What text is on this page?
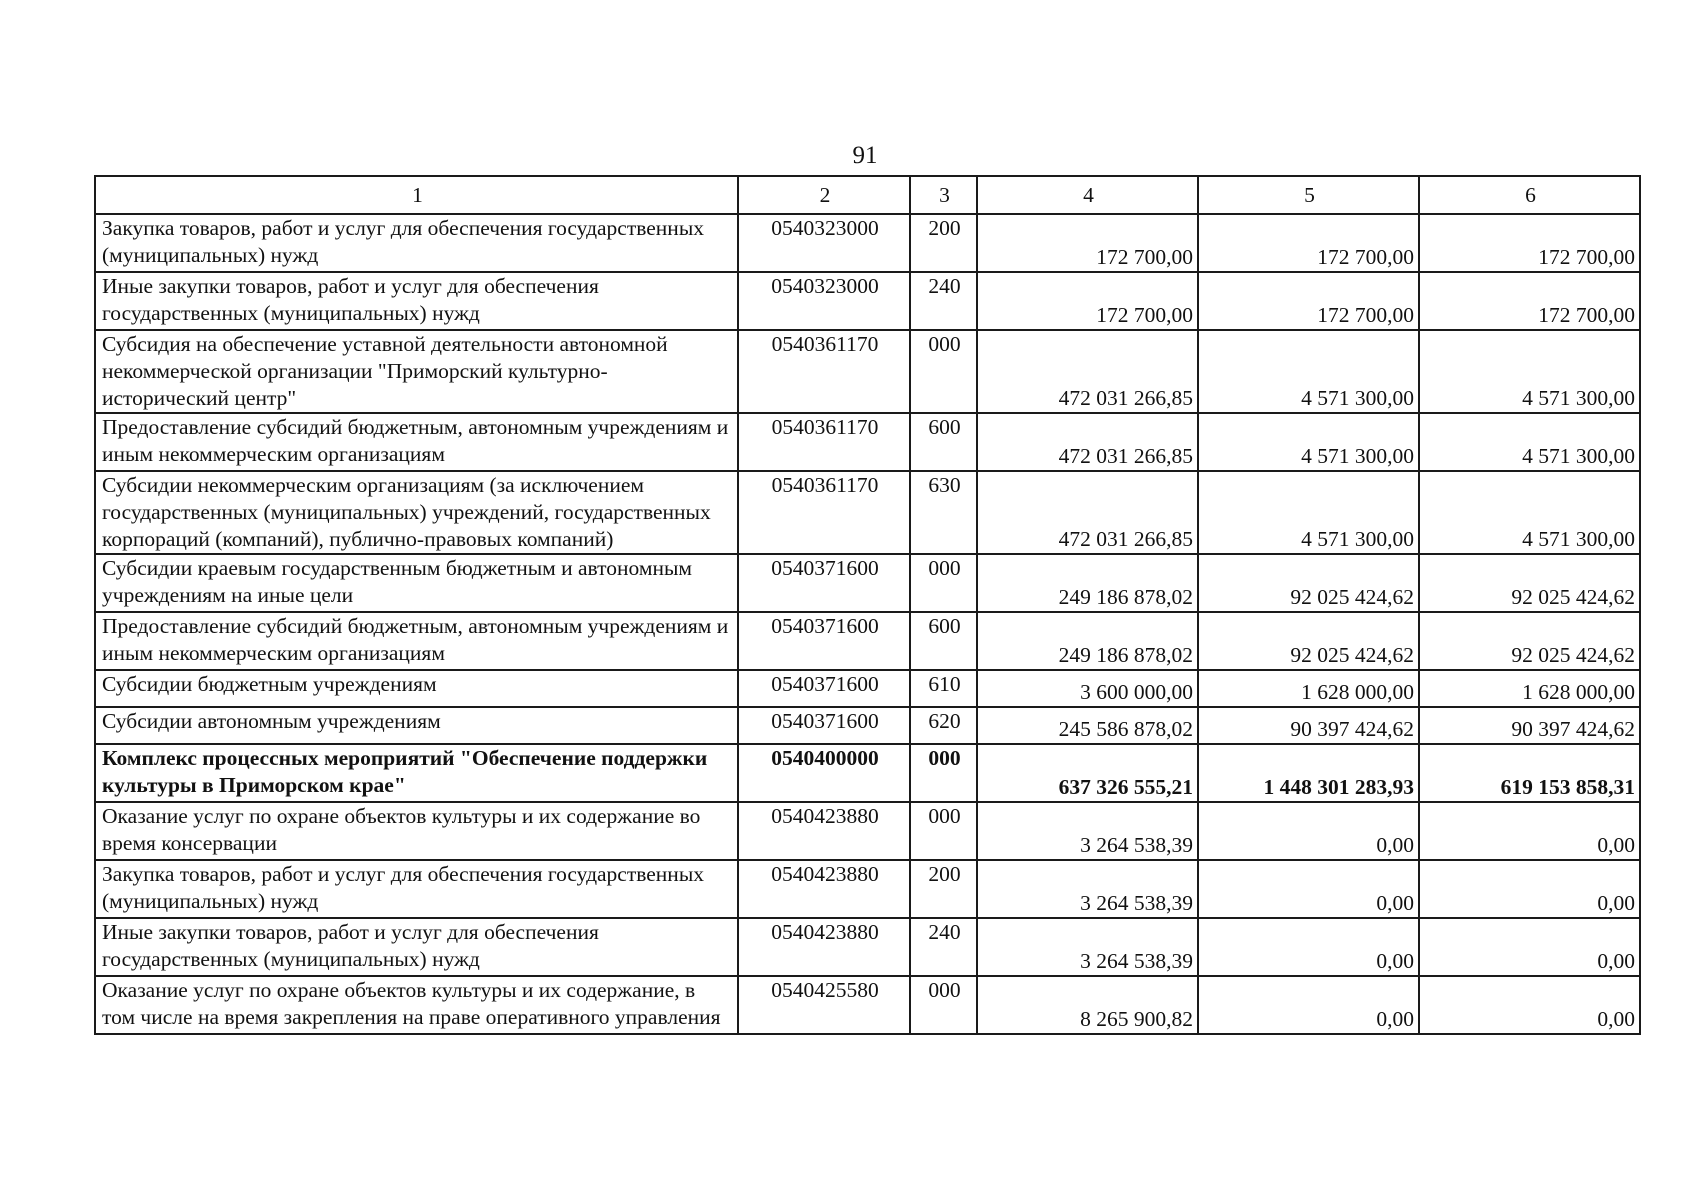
91
1	2	3	4	5	6
Закупка товаров, работ и услуг для обеспечения государственных (муниципальных) нужд	0540323000	200	172 700,00	172 700,00	172 700,00
Иные закупки товаров, работ и услуг для обеспечения государственных (муниципальных) нужд	0540323000	240	172 700,00	172 700,00	172 700,00
Субсидия на обеспечение уставной деятельности автономной некоммерческой организации "Приморский культурно-исторический центр"	0540361170	000	472 031 266,85	4 571 300,00	4 571 300,00
Предоставление субсидий бюджетным, автономным учреждениям и иным некоммерческим организациям	0540361170	600	472 031 266,85	4 571 300,00	4 571 300,00
Субсидии некоммерческим организациям (за исключением государственных (муниципальных) учреждений, государственных корпораций (компаний), публично-правовых компаний)	0540361170	630	472 031 266,85	4 571 300,00	4 571 300,00
Субсидии краевым государственным бюджетным и автономным учреждениям на иные цели	0540371600	000	249 186 878,02	92 025 424,62	92 025 424,62
Предоставление субсидий бюджетным, автономным учреждениям и иным некоммерческим организациям	0540371600	600	249 186 878,02	92 025 424,62	92 025 424,62
Субсидии бюджетным учреждениям	0540371600	610	3 600 000,00	1 628 000,00	1 628 000,00
Субсидии автономным учреждениям	0540371600	620	245 586 878,02	90 397 424,62	90 397 424,62
Комплекс процессных мероприятий "Обеспечение поддержки культуры в Приморском крае"	0540400000	000	637 326 555,21	1 448 301 283,93	619 153 858,31
Оказание услуг по охране объектов культуры и их содержание во время консервации	0540423880	000	3 264 538,39	0,00	0,00
Закупка товаров, работ и услуг для обеспечения государственных (муниципальных) нужд	0540423880	200	3 264 538,39	0,00	0,00
Иные закупки товаров, работ и услуг для обеспечения государственных (муниципальных) нужд	0540423880	240	3 264 538,39	0,00	0,00
Оказание услуг по охране объектов культуры и их содержание, в том числе на время закрепления на праве оперативного управления	0540425580	000	8 265 900,82	0,00	0,00
